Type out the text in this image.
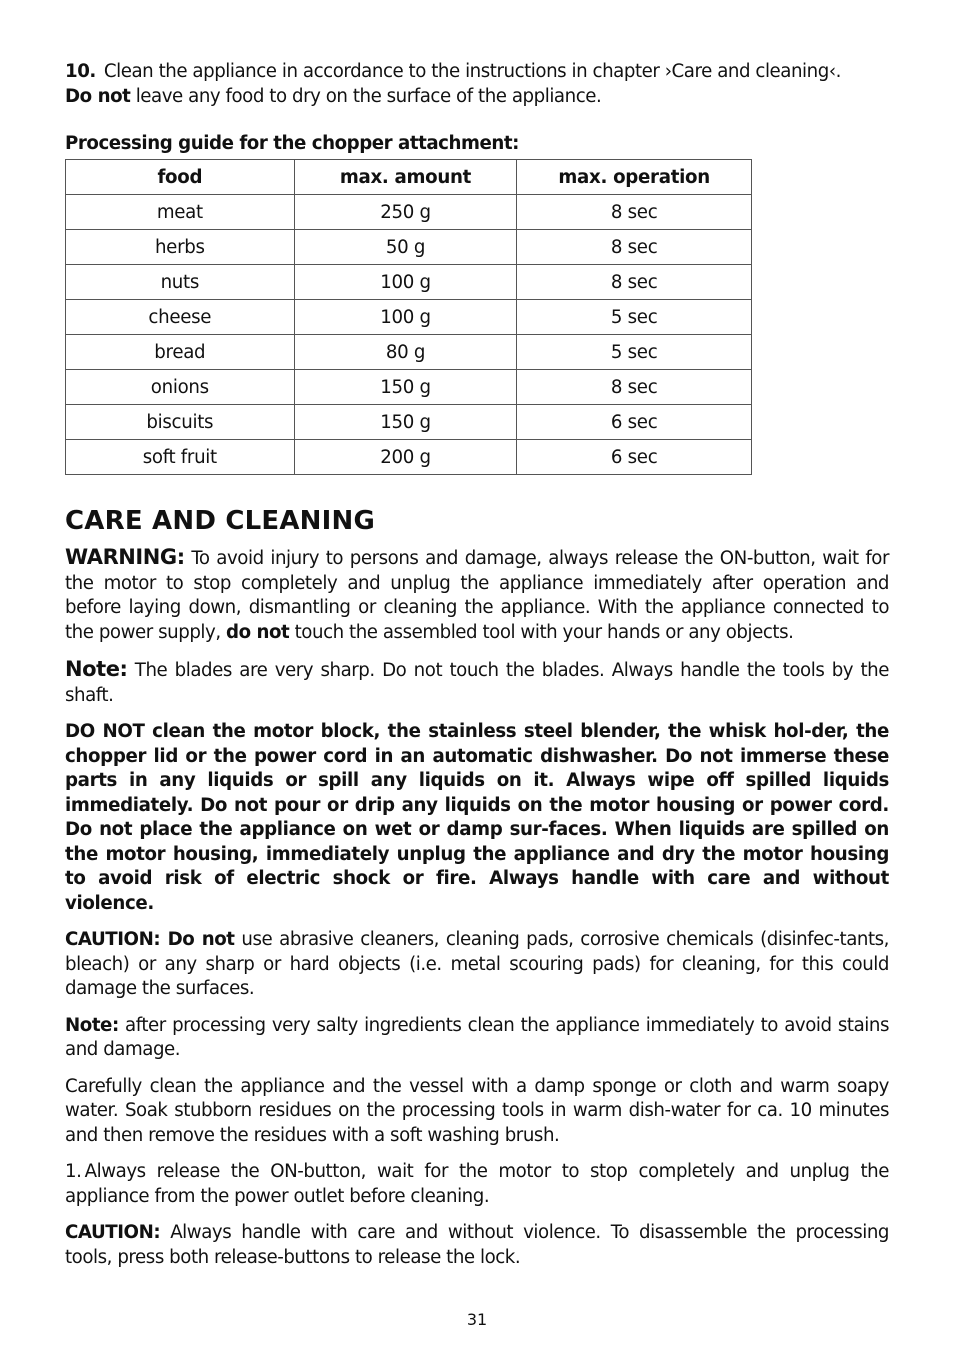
10. Clean the appliance in accordance to the instructions in chapter ›Care and cleaning‹.
Do not leave any food to dry on the surface of the appliance.

Processing guide for the chopper attachment:

food	max. amount	max. operation
meat	250 g	8 sec
herbs	50 g	8 sec
nuts	100 g	8 sec
cheese	100 g	5 sec
bread	80 g	5 sec
onions	150 g	8 sec
biscuits	150 g	6 sec
soft fruit	200 g	6 sec
CARE AND CLEANING

WARNING: To avoid injury to persons and damage, always release the ON-button, wait for the motor to stop completely and unplug the appliance immediately after operation and before laying down, dismantling or cleaning the appliance. With the appliance connected to the power supply, do not touch the assembled tool with your hands or any objects.

Note: The blades are very sharp. Do not touch the blades. Always handle the tools by the shaft.

DO NOT clean the motor block, the stainless steel blender, the whisk hol-der, the chopper lid or the power cord in an automatic dishwasher. Do not immerse these parts in any liquids or spill any liquids on it. Always wipe off spilled liquids immediately. Do not pour or drip any liquids on the motor housing or power cord. Do not place the appliance on wet or damp sur-faces. When liquids are spilled on the motor housing, immediately unplug the appliance and dry the motor housing to avoid risk of electric shock or fire. Always handle with care and without violence.

CAUTION: Do not use abrasive cleaners, cleaning pads, corrosive chemicals (disinfec-tants, bleach) or any sharp or hard objects (i.e. metal scouring pads) for cleaning, for this could damage the surfaces.

Note: after processing very salty ingredients clean the appliance immediately to avoid stains and damage.

Carefully clean the appliance and the vessel with a damp sponge or cloth and warm soapy water. Soak stubborn residues on the processing tools in warm dish-water for ca. 10 minutes and then remove the residues with a soft washing brush.

1. Always release the ON-button, wait for the motor to stop completely and unplug the appliance from the power outlet before cleaning.

CAUTION: Always handle with care and without violence. To disassemble the processing tools, press both release-buttons to release the lock.

31
